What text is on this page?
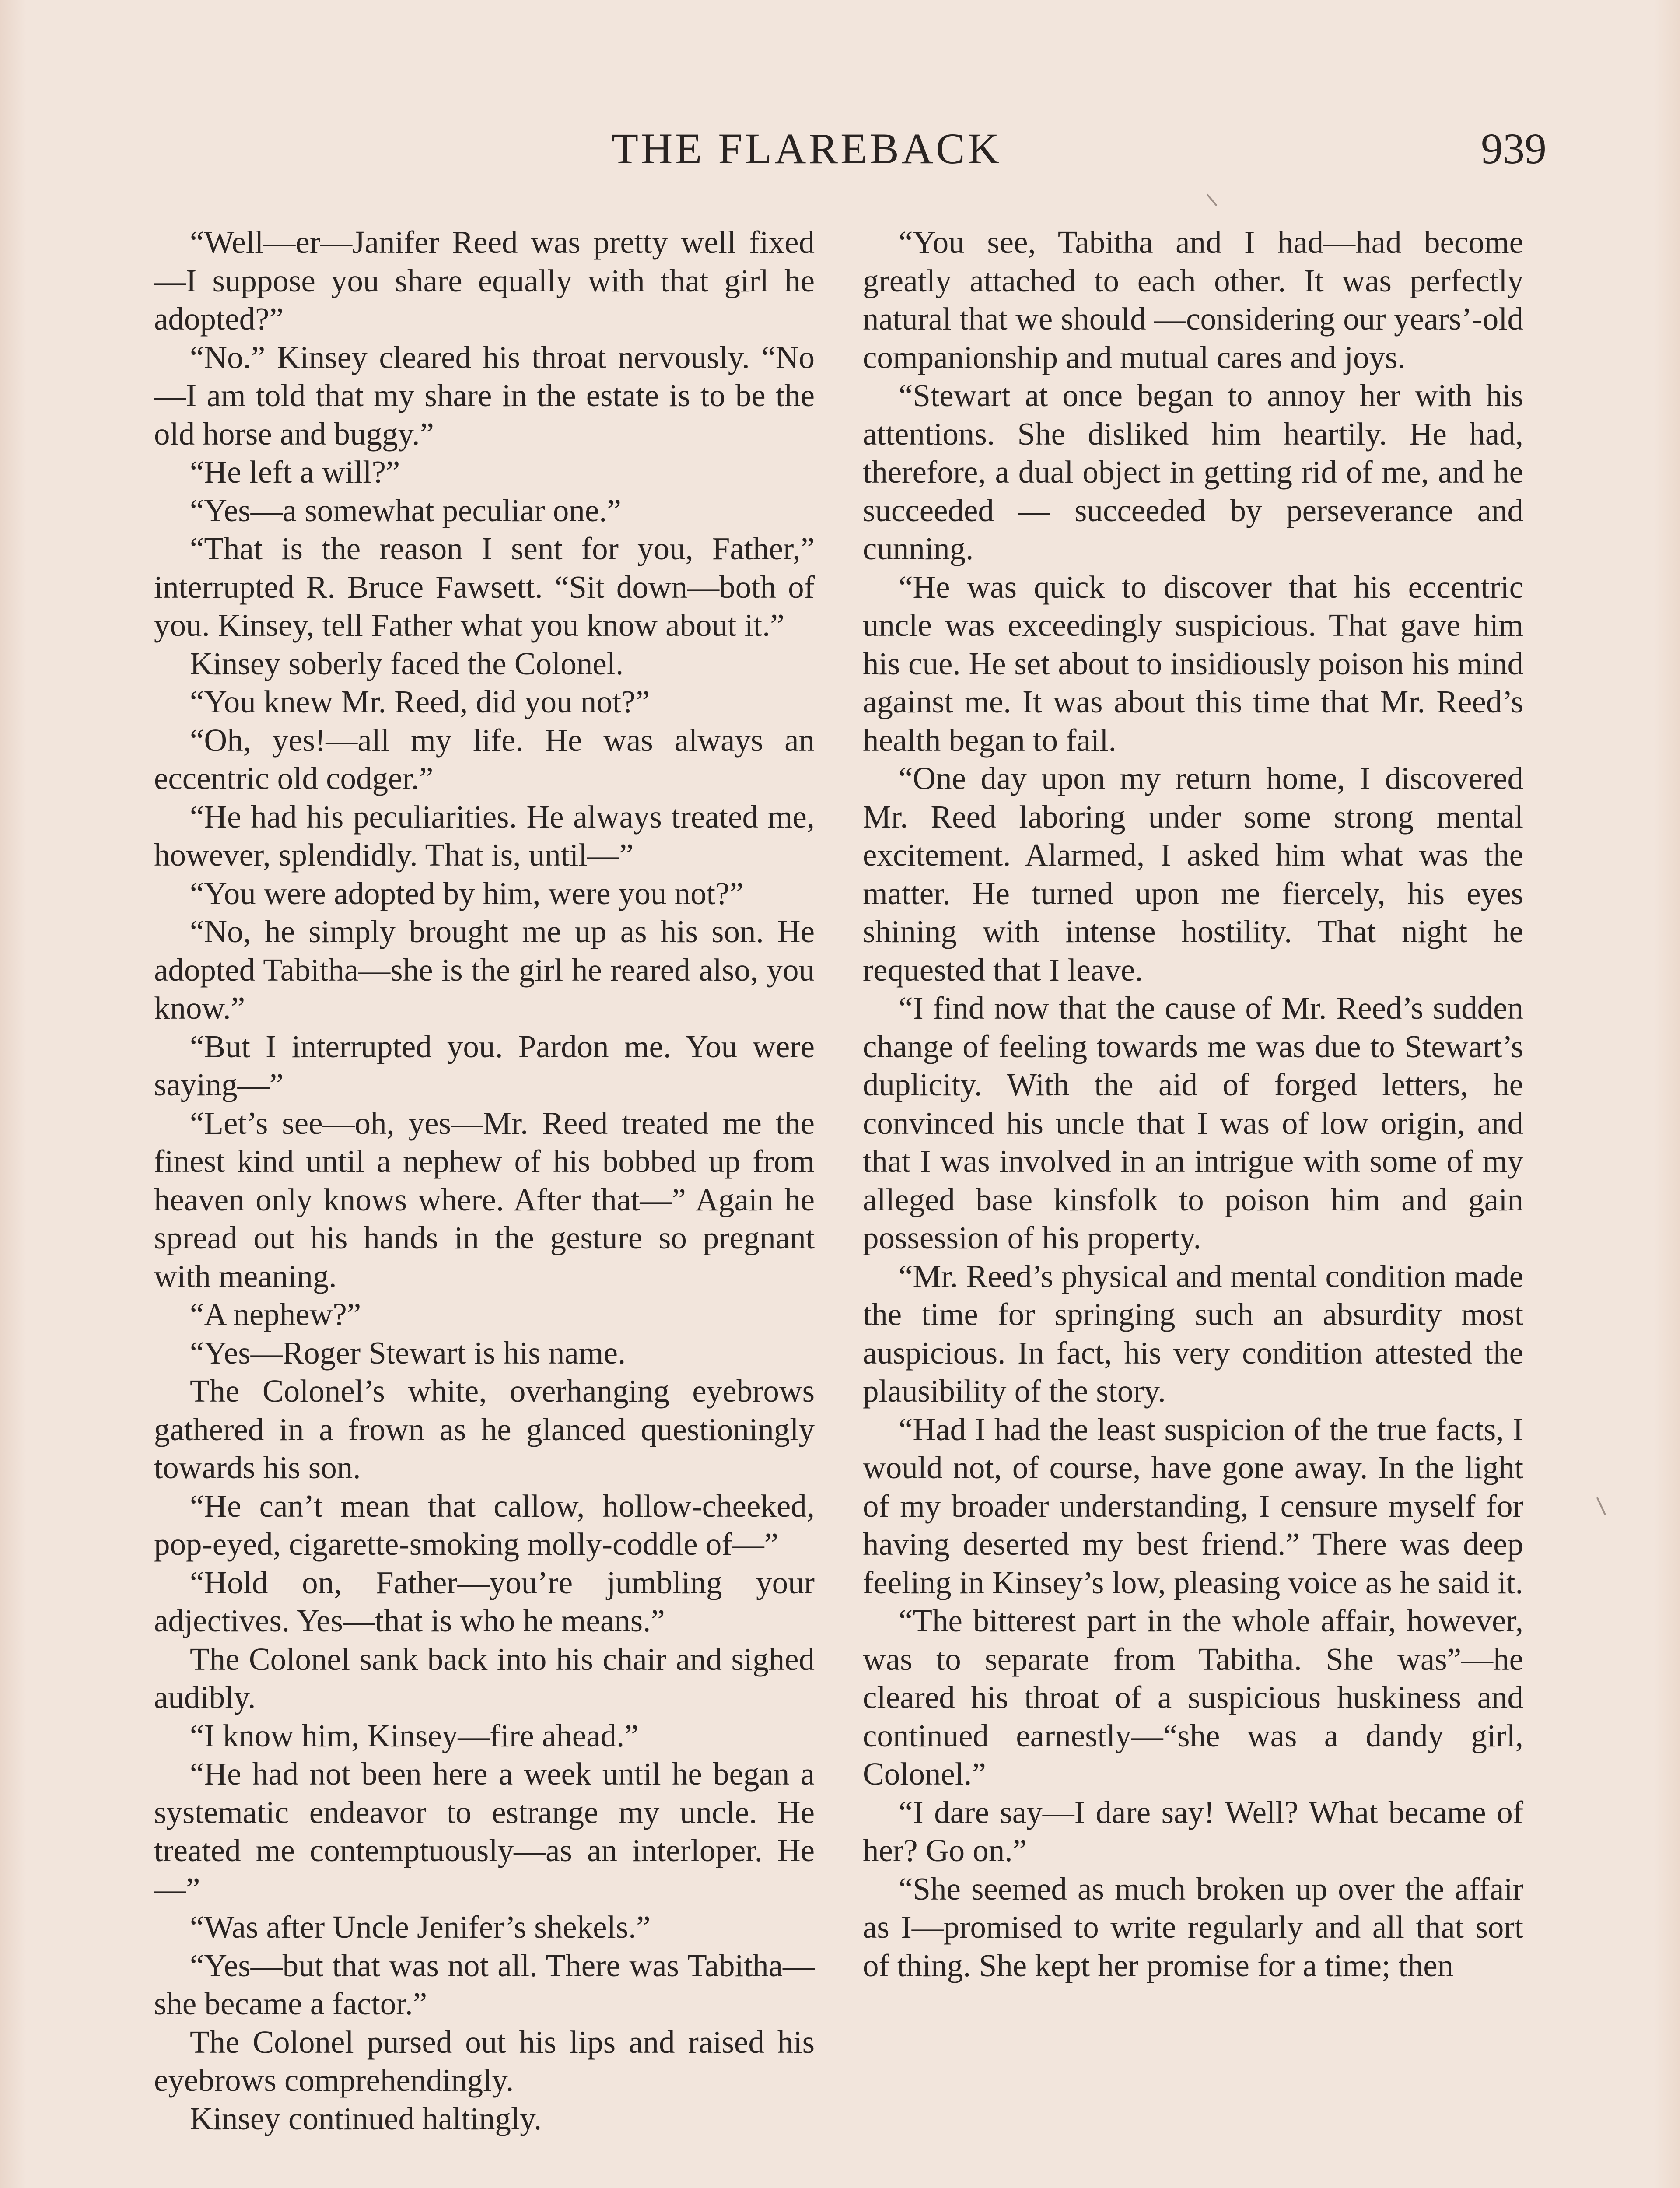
THE FLAREBACK	939

“Well—er—Janifer Reed was pretty well fixed—I suppose you share equally with that girl he adopted?”

“No.” Kinsey cleared his throat nervously. “No—I am told that my share in the estate is to be the old horse and buggy.”

“He left a will?”

“Yes—a somewhat peculiar one.”

“That is the reason I sent for you, Father,” interrupted R. Bruce Fawsett. “Sit down—both of you. Kinsey, tell Father what you know about it.”

Kinsey soberly faced the Colonel.

“You knew Mr. Reed, did you not?”

“Oh, yes!—all my life. He was always an eccentric old codger.”

“He had his peculiarities. He always treated me, however, splendidly. That is, until—”

“You were adopted by him, were you not?”

“No, he simply brought me up as his son. He adopted Tabitha—she is the girl he reared also, you know.”

“But I interrupted you. Pardon me. You were saying—”

“Let’s see—oh, yes—Mr. Reed treated me the finest kind until a nephew of his bobbed up from heaven only knows where. After that—” Again he spread out his hands in the gesture so pregnant with meaning.

“A nephew?”

“Yes—Roger Stewart is his name.

The Colonel’s white, overhanging eyebrows gathered in a frown as he glanced questioningly towards his son.

“He can’t mean that callow, hollow-cheeked, pop-eyed, cigarette-smoking molly-coddle of—”

“Hold on, Father—you’re jumbling your adjectives. Yes—that is who he means.”

The Colonel sank back into his chair and sighed audibly.

“I know him, Kinsey—fire ahead.”

“He had not been here a week until he began a systematic endeavor to estrange my uncle. He treated me contemptuously—as an interloper. He—”

“Was after Uncle Jenifer’s shekels.”

“Yes—but that was not all. There was Tabitha—she became a factor.”

The Colonel pursed out his lips and raised his eyebrows comprehendingly.

Kinsey continued haltingly.

“You see, Tabitha and I had—had become greatly attached to each other. It was perfectly natural that we should —considering our years’-old companionship and mutual cares and joys.

“Stewart at once began to annoy her with his attentions. She disliked him heartily. He had, therefore, a dual object in getting rid of me, and he succeeded — succeeded by perseverance and cunning.

“He was quick to discover that his eccentric uncle was exceedingly suspicious. That gave him his cue. He set about to insidiously poison his mind against me. It was about this time that Mr. Reed’s health began to fail.

“One day upon my return home, I discovered Mr. Reed laboring under some strong mental excitement. Alarmed, I asked him what was the matter. He turned upon me fiercely, his eyes shining with intense hostility. That night he requested that I leave.

“I find now that the cause of Mr. Reed’s sudden change of feeling towards me was due to Stewart’s duplicity. With the aid of forged letters, he convinced his uncle that I was of low origin, and that I was involved in an intrigue with some of my alleged base kinsfolk to poison him and gain possession of his property.

“Mr. Reed’s physical and mental condition made the time for springing such an absurdity most auspicious. In fact, his very condition attested the plausibility of the story.

“Had I had the least suspicion of the true facts, I would not, of course, have gone away. In the light of my broader understanding, I censure myself for having deserted my best friend.” There was deep feeling in Kinsey’s low, pleasing voice as he said it.

“The bitterest part in the whole affair, however, was to separate from Tabitha. She was”—he cleared his throat of a suspicious huskiness and continued earnestly—“she was a dandy girl, Colonel.”

“I dare say—I dare say! Well? What became of her? Go on.”

“She seemed as much broken up over the affair as I—promised to write regularly and all that sort of thing. She kept her promise for a time; then
